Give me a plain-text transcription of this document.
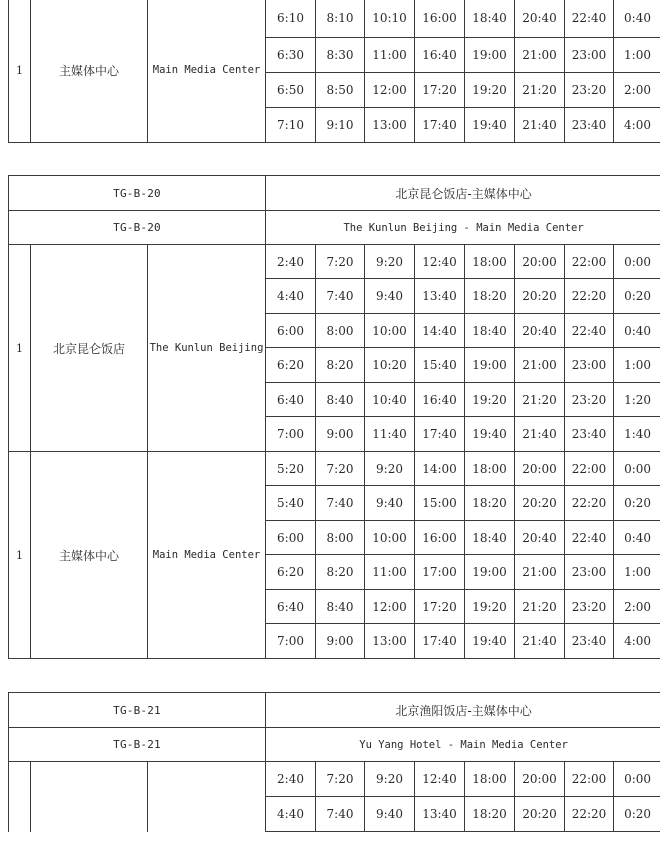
1	主媒体中心	Main Media Center	6:10	8:10	10:10	16:00	18:40	20:40	22:40	0:40
			6:30	8:30	11:00	16:40	19:00	21:00	23:00	1:00
			6:50	8:50	12:00	17:20	19:20	21:20	23:20	2:00
			7:10	9:10	13:00	17:40	19:40	21:40	23:40	4:00
TG-B-20			北京昆仑饭店-主媒体中心							
TG-B-20			The Kunlun Beijing - Main Media Center							
1	北京昆仑饭店	The Kunlun Beijing	2:40	7:20	9:20	12:40	18:00	20:00	22:00	0:00
			4:40	7:40	9:40	13:40	18:20	20:20	22:20	0:20
			6:00	8:00	10:00	14:40	18:40	20:40	22:40	0:40
			6:20	8:20	10:20	15:40	19:00	21:00	23:00	1:00
			6:40	8:40	10:40	16:40	19:20	21:20	23:20	1:20
			7:00	9:00	11:40	17:40	19:40	21:40	23:40	1:40
1	主媒体中心	Main Media Center	5:20	7:20	9:20	14:00	18:00	20:00	22:00	0:00
			5:40	7:40	9:40	15:00	18:20	20:20	22:20	0:20
			6:00	8:00	10:00	16:00	18:40	20:40	22:40	0:40
			6:20	8:20	11:00	17:00	19:00	21:00	23:00	1:00
			6:40	8:40	12:00	17:20	19:20	21:20	23:20	2:00
			7:00	9:00	13:00	17:40	19:40	21:40	23:40	4:00
TG-B-21			北京渔阳饭店-主媒体中心							
TG-B-21			Yu Yang Hotel - Main Media Center							
			2:40	7:20	9:20	12:40	18:00	20:00	22:00	0:00
			4:40	7:40	9:40	13:40	18:20	20:20	22:20	0:20
